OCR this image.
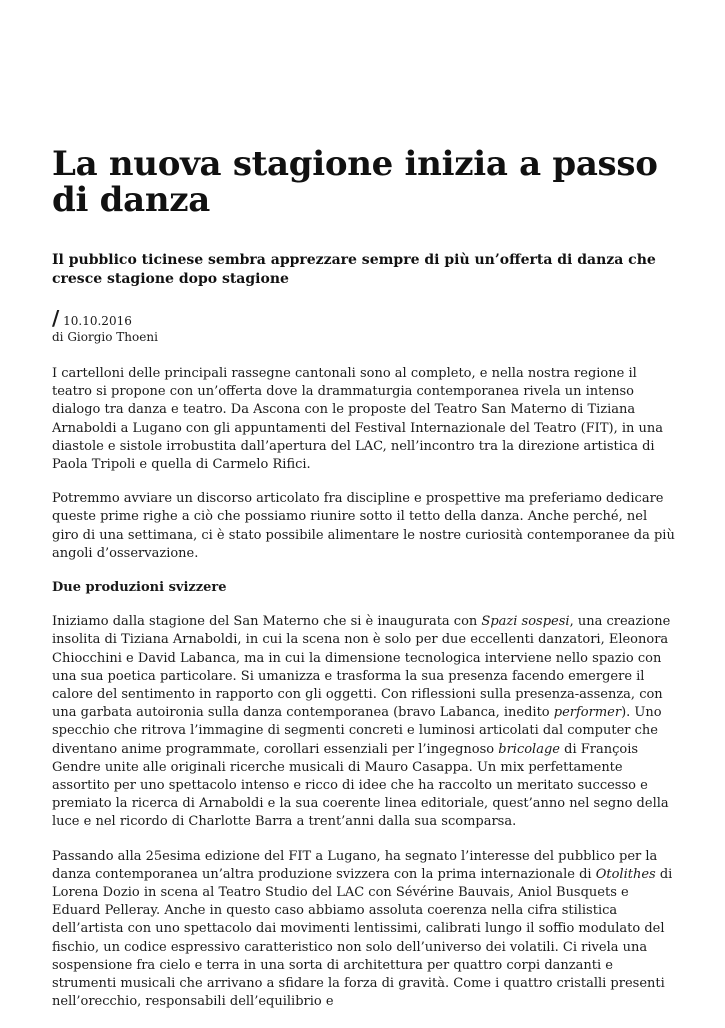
La nuova stagione inizia a passo di danza
Il pubblico ticinese sembra apprezzare sempre di più un’offerta di danza che cresce stagione dopo stagione
/ 10.10.2016
di Giorgio Thoeni

I cartelloni delle principali rassegne cantonali sono al completo, e nella nostra regione il teatro si propone con un’offerta dove la drammaturgia contemporanea rivela un intenso dialogo tra danza e teatro. Da Ascona con le proposte del Teatro San Materno di Tiziana Arnaboldi a Lugano con gli appuntamenti del Festival Internazionale del Teatro (FIT), in una diastole e sistole irrobustita dall’apertura del LAC, nell’incontro tra la direzione artistica di Paola Tripoli e quella di Carmelo Rifici.

Potremmo avviare un discorso articolato fra discipline e prospettive ma preferiamo dedicare queste prime righe a ciò che possiamo riunire sotto il tetto della danza. Anche perché, nel giro di una settimana, ci è stato possibile alimentare le nostre curiosità contemporanee da più angoli d’osservazione.

Due produzioni svizzere

Iniziamo dalla stagione del San Materno che si è inaugurata con Spazi sospesi, una creazione insolita di Tiziana Arnaboldi, in cui la scena non è solo per due eccellenti danzatori, Eleonora Chiocchini e David Labanca, ma in cui la dimensione tecnologica interviene nello spazio con una sua poetica particolare. Si umanizza e trasforma la sua presenza facendo emergere il calore del sentimento in rapporto con gli oggetti. Con riflessioni sulla presenza-assenza, con una garbata autoironia sulla danza contemporanea (bravo Labanca, inedito performer). Uno specchio che ritrova l’immagine di segmenti concreti e luminosi articolati dal computer che diventano anime programmate, corollari essenziali per l’ingegnoso bricolage di François Gendre unite alle originali ricerche musicali di Mauro Casappa. Un mix perfettamente assortito per uno spettacolo intenso e ricco di idee che ha raccolto un meritato successo e premiato la ricerca di Arnaboldi e la sua coerente linea editoriale, quest’anno nel segno della luce e nel ricordo di Charlotte Barra a trent’anni dalla sua scomparsa.

Passando alla 25esima edizione del FIT a Lugano, ha segnato l’interesse del pubblico per la danza contemporanea un’altra produzione svizzera con la prima internazionale di Otolithes di Lorena Dozio in scena al Teatro Studio del LAC con Sévérine Bauvais, Aniol Busquets e Eduard Pelleray. Anche in questo caso abbiamo assoluta coerenza nella cifra stilistica dell’artista con uno spettacolo dai movimenti lentissimi, calibrati lungo il soffio modulato del fischio, un codice espressivo caratteristico non solo dell’universo dei volatili. Ci rivela una sospensione fra cielo e terra in una sorta di architettura per quattro corpi danzanti e strumenti musicali che arrivano a sfidare la forza di gravità. Come i quattro cristalli presenti nell’orecchio, responsabili dell’equilibrio e
